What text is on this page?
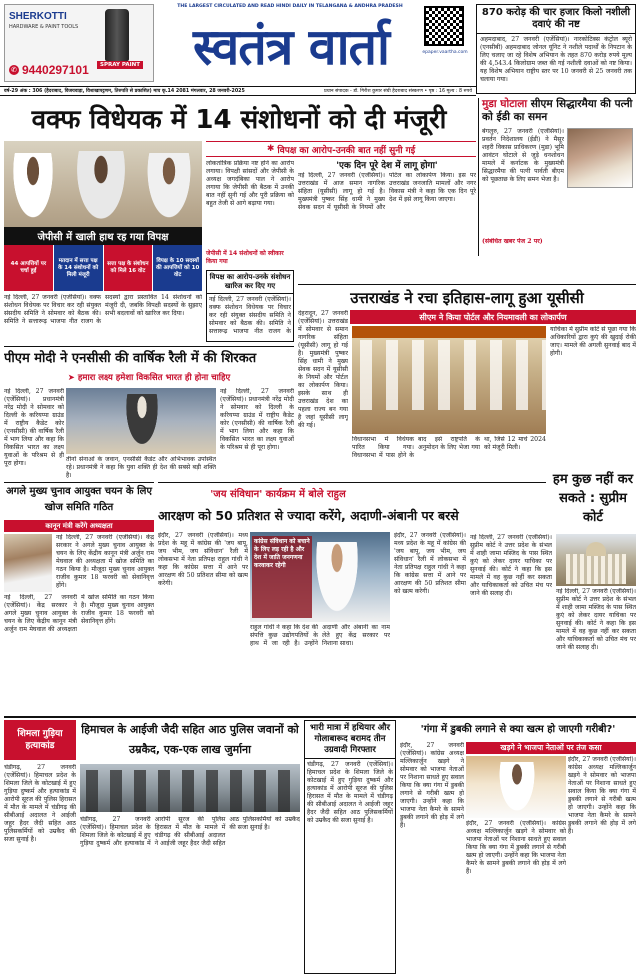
SHERKOTTI
HARDWARE & PAINT TOOLS
SPRAY PAINT
✆ 9440297101
THE LARGEST CIRCULATED AND READ HINDI DAILY IN TELANGANA & ANDHRA PRADESH
स्वतंत्र वार्ता	epaper.vaartha.com
870 करोड़ की चार हजार किलो नशीली दवाएं की नष्ट
अहमदाबाद, 27 जनवरी (एजेंसियां)। नारकोटिक्स कंट्रोल ब्यूरो (एनसीबी) अहमदाबाद जोनल यूनिट ने नशीले पदार्थों के निपटान के लिए चलाए जा रहे विशेष अभियान के तहत 870 करोड़ रुपये मूल्य की 4,543.4 किलोग्राम जब्त की गई नशीली दवाओं को नष्ट किया। यह विशेष अभियान राष्ट्रीय स्तर पर 10 जनवरी से 25 जनवरी तक चलाया गया।
वर्ष-29 अंक : 306 (हैदराबाद, विजयवाड़ा, विशाखापट्टणम, तिरुपति से प्रकाशित) माघ कृ.14 2081 मंगलवार, 28 जनवरी-2025	प्रधान संपादक - डॉ. गिरीश कुमार संघी हैदराबाद संस्करण • पृष्ठ : 16 मूल्य : 8 रुपये
वक्फ विधेयक में 14 संशोधनों को दी मंजूरी
मुडा घोटाला सीएम सिद्धारमैया की पत्नी को ईडी का समन
बेंगलुरु, 27 जनवरी (एजेंसियां)। प्रवर्तन निदेशालय (ईडी) ने मैसूर शहरी विकास प्राधिकरण (मुडा) भूमि आवंटन घोटाले से जुड़े धनशोधन मामले में कर्नाटक के मुख्यमंत्री सिद्धारमैया की पत्नी पार्वती बीएम को पूछताछ के लिए समन भेजा है।
(संबंधित खबर पेज 2 पर)
✱ विपक्ष का आरोप-उनकी बात नहीं सुनी गई
जेपीसी में खाली हाथ रह गया विपक्ष
44 आपत्तियों पर चर्चा हुई
मतदान में सत्ता पक्ष के 14 संशोधनों को मिली मंजूरी
सत्ता पक्ष के संशोधन को मिले 16 वोट
विपक्ष के 10 सदस्यों की आपत्तियों को 10 वोट
नई दिल्ली, 27 जनवरी (एजेंसियां)। वक्फ संशोधन विधेयक पर विचार कर रही संयुक्त संसदीय समिति ने सोमवार को बैठक की। समिति ने सत्तारूढ़ भाजपा नीत राजग के सदस्यों द्वारा प्रस्तावित 14 संशोधनों को मंजूरी दी, जबकि विपक्षी सदस्यों के सुझाए सभी बदलावों को खारिज कर दिया।
लोकतांत्रिक प्रक्रिया नष्ट होने का आरोप लगाया। विपक्षी सांसदों और जेपीसी के अध्यक्ष जगदंबिका पाल ने आरोप लगाया कि जेपीसी की बैठक में उनकी बात नहीं सुनी गई और पूरी प्रक्रिया को बहुत तेजी से आगे बढ़ाया गया।
जेपीसी में 14 संशोधनों को स्वीकार किया गया
विपक्ष का आरोप-उनके संशोधन खारिज कर दिए गए
नई दिल्ली, 27 जनवरी (एजेंसियां)। वक्फ संशोधन विधेयक पर विचार कर रही संयुक्त संसदीय समिति ने सोमवार को बैठक की। समिति ने सत्तारूढ़ भाजपा नीत राजग के
'एक दिन पूरे देश में लागू होगा'
नई दिल्ली, 27 जनवरी (एजेंसियां)। उत्तराखंड में आज समान नागरिक संहिता (यूसीसी) लागू हो गई है। मुख्यमंत्री पुष्कर सिंह धामी ने मुख्य सेवक सदन में यूसीसी के नियमों और पोर्टल का लोकार्पण किया। इस पर उत्तराखंड जनजाति मामलों और नगर विकास मंत्री ने कहा कि एक दिन पूरे देश में इसे लागू किया जाएगा।
उत्तराखंड ने रचा इतिहास-लागू हुआ यूसीसी
सीएम ने किया पोर्टल और नियमावली का लोकार्पण
देहरादून, 27 जनवरी (एजेंसियां)। उत्तराखंड में सोमवार से समान नागरिक संहिता (यूसीसी) लागू हो गई है। मुख्यमंत्री पुष्कर सिंह धामी ने मुख्य सेवक सदन में यूसीसी के नियमों और पोर्टल का लोकार्पण किया। इसके साथ ही उत्तराखंड देश का पहला राज्य बन गया है जहां यूसीसी लागू की गई।
विधानसभा में विधेयक पारित किया गया। विधानसभा में पास होने के बाद इसे राष्ट्रपति के अनुमोदन के लिए भेजा गया था, जिसे 12 मार्च 2024 को मंजूरी मिली।
याचिका में सुप्रीम कोर्ट से पूछा गया कि अधिकारियों द्वारा कुएं की खुदाई रोकी जाए। मामले की अगली सुनवाई बाद में होगी।
पीएम मोदी ने एनसीसी की वार्षिक रैली में की शिरकत
➤ हमारा लक्ष्य हमेशा विकसित भारत ही होना चाहिए
नई दिल्ली, 27 जनवरी (एजेंसियां)। प्रधानमंत्री नरेंद्र मोदी ने सोमवार को दिल्ली के करियप्पा ग्राउंड में राष्ट्रीय कैडेट कोर (एनसीसी) की वार्षिक रैली में भाग लिया और कहा कि विकसित भारत का लक्ष्य युवाओं के परिश्रम से ही पूरा होगा।
तीनों सेनाओं के जवान, एनसीसी कैडेट और अभिभावक उपस्थित रहे। प्रधानमंत्री ने कहा कि युवा शक्ति ही देश की सबसे बड़ी शक्ति है।
नई दिल्ली, 27 जनवरी (एजेंसियां)। प्रधानमंत्री नरेंद्र मोदी ने सोमवार को दिल्ली के करियप्पा ग्राउंड में राष्ट्रीय कैडेट कोर (एनसीसी) की वार्षिक रैली में भाग लिया और कहा कि विकसित भारत का लक्ष्य युवाओं के परिश्रम से ही पूरा होगा।
अगले मुख्य चुनाव आयुक्त चयन के लिए खोज समिति गठित
कानून मंत्री करेंगे अध्यक्षता
नई दिल्ली, 27 जनवरी (एजेंसियां)। केंद्र सरकार ने अगले मुख्य चुनाव आयुक्त के चयन के लिए केंद्रीय कानून मंत्री अर्जुन राम मेघवाल की अध्यक्षता में खोज समिति का गठन किया है। मौजूदा मुख्य चुनाव आयुक्त राजीव कुमार 18 फरवरी को सेवानिवृत्त होंगे।
नई दिल्ली, 27 जनवरी (एजेंसियां)। केंद्र सरकार ने अगले मुख्य चुनाव आयुक्त के चयन के लिए केंद्रीय कानून मंत्री अर्जुन राम मेघवाल की अध्यक्षता में खोज समिति का गठन किया है। मौजूदा मुख्य चुनाव आयुक्त राजीव कुमार 18 फरवरी को सेवानिवृत्त होंगे।
'जय संविधान' कार्यक्रम में बोले राहुल
आरक्षण को 50 प्रतिशत से ज्यादा करेंगे, अदाणी-अंबानी पर बरसे
हम कुछ नहीं कर सकते : सुप्रीम कोर्ट
नई दिल्ली, 27 जनवरी (एजेंसियां)। सुप्रीम कोर्ट ने उत्तर प्रदेश के संभल में शाही जामा मस्जिद के पास स्थित कुएं को लेकर दायर याचिका पर सुनवाई की। कोर्ट ने कहा कि इस मामले में वह कुछ नहीं कर सकता और याचिकाकर्ता को उचित मंच पर जाने की सलाह दी।
नई दिल्ली, 27 जनवरी (एजेंसियां)। सुप्रीम कोर्ट ने उत्तर प्रदेश के संभल में शाही जामा मस्जिद के पास स्थित कुएं को लेकर दायर याचिका पर सुनवाई की। कोर्ट ने कहा कि इस मामले में वह कुछ नहीं कर सकता और याचिकाकर्ता को उचित मंच पर जाने की सलाह दी।
इंदौर, 27 जनवरी (एजेंसियां)। मध्य प्रदेश के महू में कांग्रेस की 'जय बापू, जय भीम, जय संविधान' रैली में लोकसभा में नेता प्रतिपक्ष राहुल गांधी ने कहा कि कांग्रेस सत्ता में आने पर आरक्षण की 50 प्रतिशत सीमा को खत्म करेगी।
कांग्रेस संविधान को बचाने के लिए लड़ रही है और देश में जाति जनगणना करवाकर रहेगी
राहुल गांधी ने कहा कि देश की संपत्ति कुछ उद्योगपतियों के हाथ में जा रही है। उन्होंने अदाणी और अंबानी का नाम लेते हुए केंद्र सरकार पर निशाना साधा।
इंदौर, 27 जनवरी (एजेंसियां)। मध्य प्रदेश के महू में कांग्रेस की 'जय बापू, जय भीम, जय संविधान' रैली में लोकसभा में नेता प्रतिपक्ष राहुल गांधी ने कहा कि कांग्रेस सत्ता में आने पर आरक्षण की 50 प्रतिशत सीमा को खत्म करेगी।
शिमला गुड़िया हत्याकांड
हिमाचल के आईजी जैदी सहित आठ पुलिस जवानों को उम्रकैद, एक-एक लाख जुर्माना
चंडीगढ़, 27 जनवरी (एजेंसियां)। हिमाचल प्रदेश के शिमला जिले के कोटखाई में हुए गुड़िया दुष्कर्म और हत्याकांड में आरोपी सूरज की पुलिस हिरासत में मौत के मामले में चंडीगढ़ की सीबीआई अदालत ने आईजी जहूर हैदर जैदी सहित आठ पुलिसकर्मियों को उम्रकैद की सजा सुनाई है।
चंडीगढ़, 27 जनवरी (एजेंसियां)। हिमाचल प्रदेश के शिमला जिले के कोटखाई में हुए गुड़िया दुष्कर्म और हत्याकांड में आरोपी सूरज की पुलिस हिरासत में मौत के मामले में चंडीगढ़ की सीबीआई अदालत ने आईजी जहूर हैदर जैदी सहित आठ पुलिसकर्मियों को उम्रकैद की सजा सुनाई है।
भारी मात्रा में हथियार और गोलाबारूद बरामद तीन उग्रवादी गिरफ्तार
चंडीगढ़, 27 जनवरी (एजेंसियां)। हिमाचल प्रदेश के शिमला जिले के कोटखाई में हुए गुड़िया दुष्कर्म और हत्याकांड में आरोपी सूरज की पुलिस हिरासत में मौत के मामले में चंडीगढ़ की सीबीआई अदालत ने आईजी जहूर हैदर जैदी सहित आठ पुलिसकर्मियों को उम्रकैद की सजा सुनाई है।
'गंगा में डुबकी लगाने से क्या खत्म हो जाएगी गरीबी?'
इंदौर, 27 जनवरी (एजेंसियां)। कांग्रेस अध्यक्ष मल्लिकार्जुन खड़गे ने सोमवार को भाजपा नेताओं पर निशाना साधते हुए सवाल किया कि क्या गंगा में डुबकी लगाने से गरीबी खत्म हो जाएगी। उन्होंने कहा कि भाजपा नेता कैमरे के सामने डुबकी लगाने की होड़ में लगे हैं।
खड़गे ने भाजपा नेताओं पर तंज कसा
इंदौर, 27 जनवरी (एजेंसियां)। कांग्रेस अध्यक्ष मल्लिकार्जुन खड़गे ने सोमवार को भाजपा नेताओं पर निशाना साधते हुए सवाल किया कि क्या गंगा में डुबकी लगाने से गरीबी खत्म हो जाएगी। उन्होंने कहा कि भाजपा नेता कैमरे के सामने डुबकी लगाने की होड़ में लगे हैं।
इंदौर, 27 जनवरी (एजेंसियां)। कांग्रेस अध्यक्ष मल्लिकार्जुन खड़गे ने सोमवार को भाजपा नेताओं पर निशाना साधते हुए सवाल किया कि क्या गंगा में डुबकी लगाने से गरीबी खत्म हो जाएगी। उन्होंने कहा कि भाजपा नेता कैमरे के सामने डुबकी लगाने की होड़ में लगे हैं।
